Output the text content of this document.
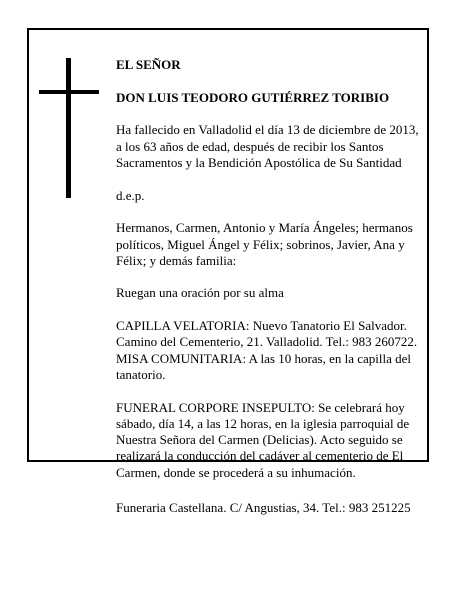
EL SEÑOR

DON LUIS TEODORO GUTIÉRREZ TORIBIO

Ha fallecido en Valladolid el día 13 de diciembre de 2013, a los 63 años de edad, después de recibir los Santos Sacramentos y la Bendición Apostólica de Su Santidad

d.e.p.

Hermanos, Carmen, Antonio y María Ángeles; hermanos políticos, Miguel Ángel y Félix; sobrinos, Javier, Ana y Félix; y demás familia:

Ruegan una oración por su alma

CAPILLA VELATORIA: Nuevo Tanatorio El Salvador. Camino del Cementerio, 21. Valladolid. Tel.: 983 260722. MISA COMUNITARIA: A las 10 horas, en la capilla del tanatorio.

FUNERAL CORPORE INSEPULTO: Se celebrará hoy sábado, día 14, a las 12 horas, en la iglesia parroquial de Nuestra Señora del Carmen (Delicias). Acto seguido se realizará la conducción del cadáver al cementerio de El Carmen, donde se procederá a su inhumación.

Funeraria Castellana. C/ Angustias, 34. Tel.: 983 251225
